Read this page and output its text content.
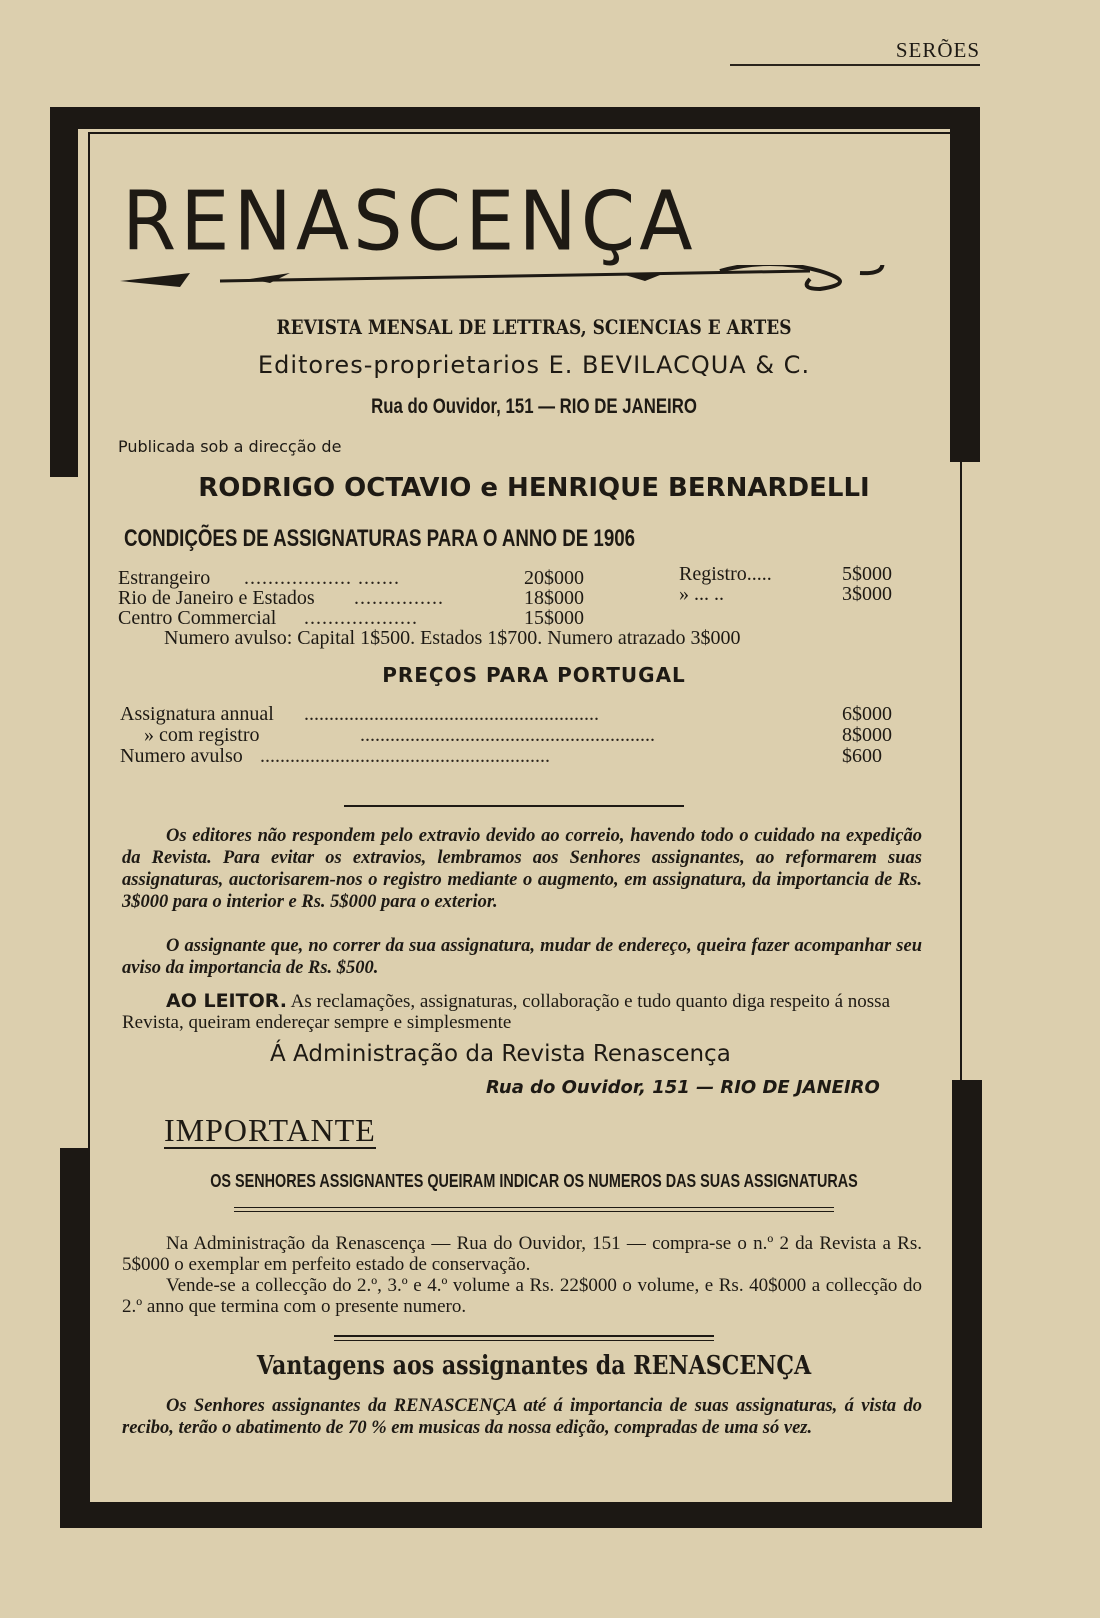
SERÕES
RENASCENÇA
REVISTA MENSAL DE LETTRAS, SCIENCIAS E ARTES
Editores-proprietarios E. BEVILACQUA & C.
Rua do Ouvidor, 151 — RIO DE JANEIRO
Publicada sob a direcção de
RODRIGO OCTAVIO e HENRIQUE BERNARDELLI
CONDIÇÕES DE ASSIGNATURAS PARA O ANNO DE 1906
Estrangeiro .................. .......	20$000	Registro.....	5$000
Rio de Janeiro e Estados ...............	18$000	» ... ..	3$000
Centro Commercial ...................	15$000
Numero avulso: Capital 1$500. Estados 1$700. Numero atrazado 3$000
PREÇOS PARA PORTUGAL
Assignatura annual ...........................................................	6$000
» com registro	...........................................................	8$000
Numero avulso ..........................................................	$600
Os editores não respondem pelo extravio devido ao correio, havendo todo o cuidado na expedição da Revista. Para evitar os extravios, lembramos aos Senhores assignantes, ao reformarem suas assignaturas, auctorisarem-nos o registro mediante o augmento, em assignatura, da importancia de Rs. 3$000 para o interior e Rs. 5$000 para o exterior.
O assignante que, no correr da sua assignatura, mudar de endereço, queira fazer acompanhar seu aviso da importancia de Rs. $500.
AO LEITOR. As reclamações, assignaturas, collaboração e tudo quanto diga respeito á nossa Revista, queiram endereçar sempre e simplesmente
Á Administração da Revista Renascença
Rua do Ouvidor, 151 — RIO DE JANEIRO
IMPORTANTE
OS SENHORES ASSIGNANTES QUEIRAM INDICAR OS NUMEROS DAS SUAS ASSIGNATURAS
Na Administração da Renascença — Rua do Ouvidor, 151 — compra-se o n.º 2 da Revista a Rs. 5$000 o exemplar em perfeito estado de conservação.
Vende-se a collecção do 2.º, 3.º e 4.º volume a Rs. 22$000 o volume, e Rs. 40$000 a collecção do 2.º anno que termina com o presente numero.
Vantagens aos assignantes da RENASCENÇA
Os Senhores assignantes da RENASCENÇA até á importancia de suas assignaturas, á vista do recibo, terão o abatimento de 70 % em musicas da nossa edição, compradas de uma só vez.
